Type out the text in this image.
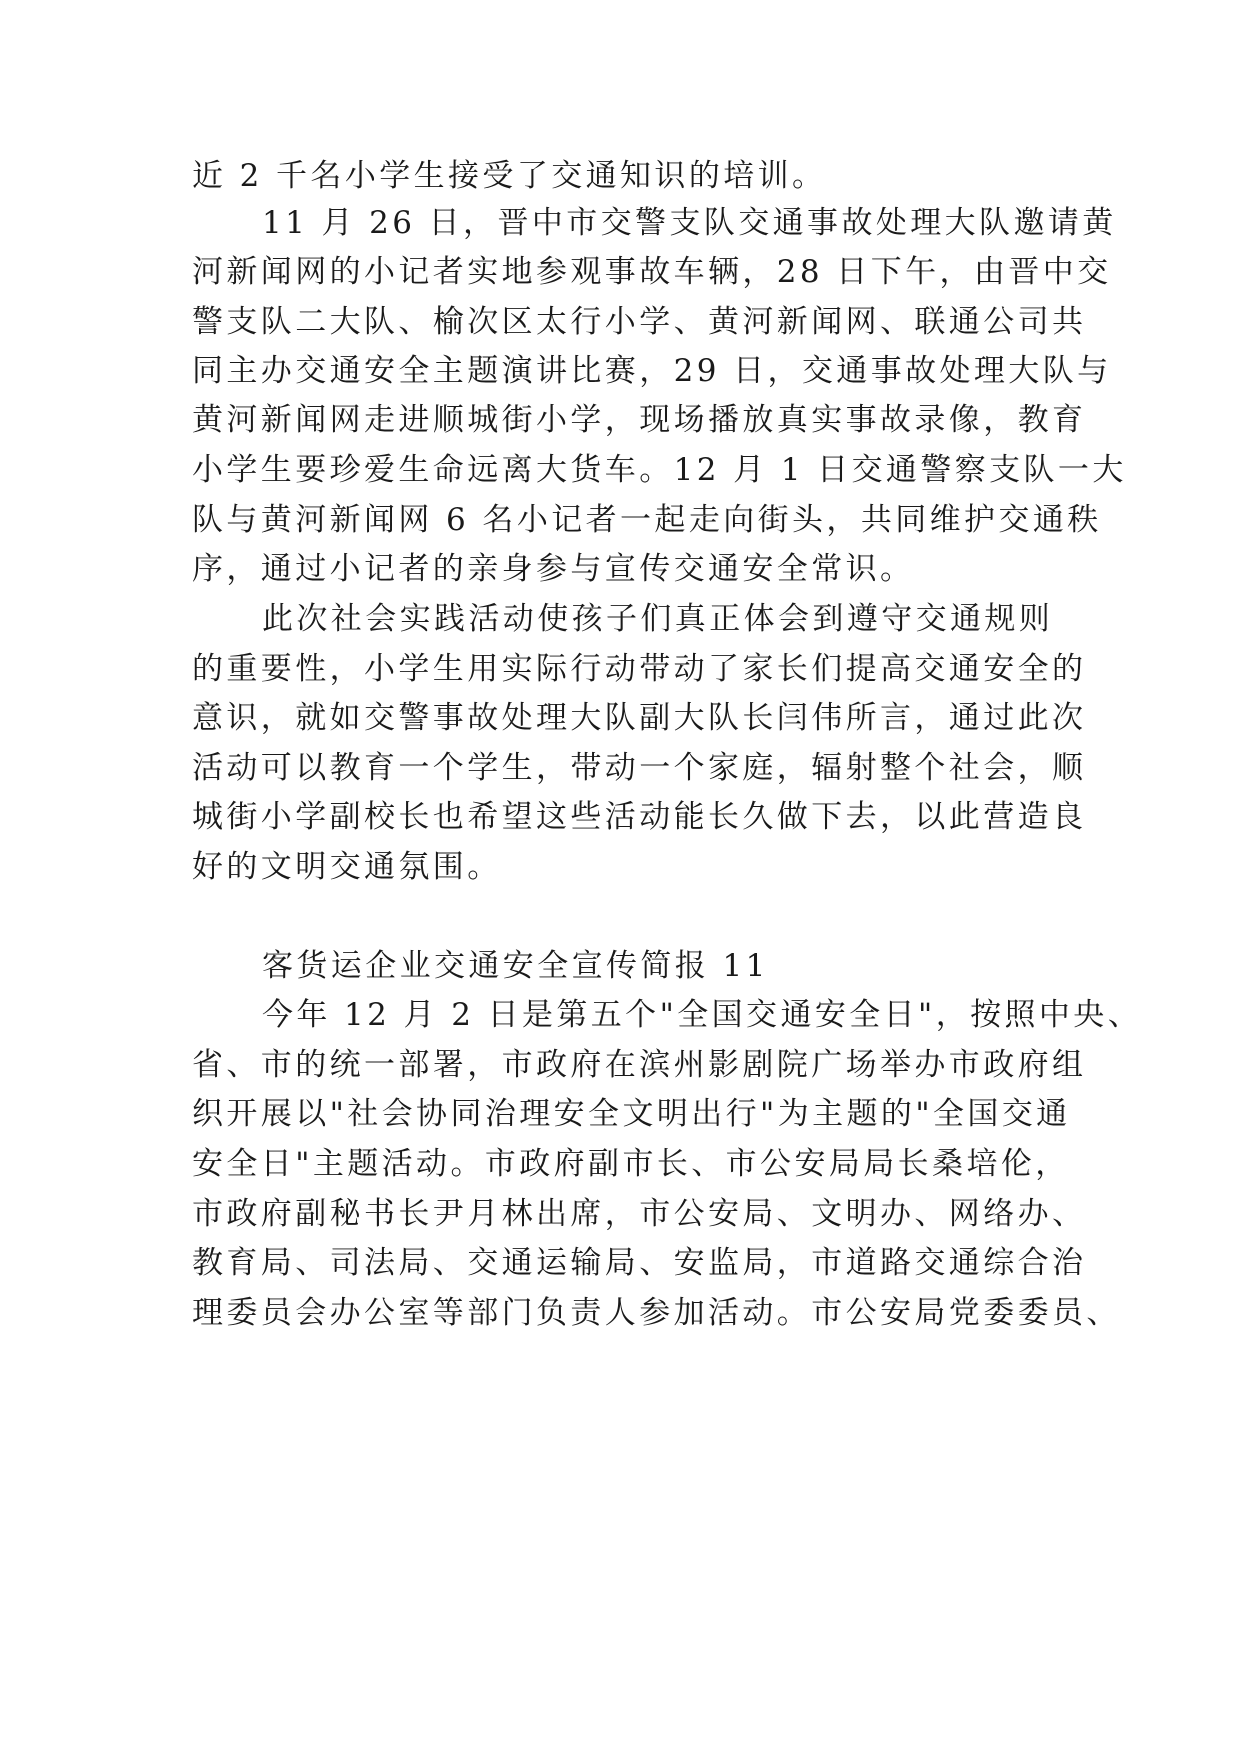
近 2 千名小学生接受了交通知识的培训。
11 月 26 日，晋中市交警支队交通事故处理大队邀请黄
河新闻网的小记者实地参观事故车辆，28 日下午，由晋中交
警支队二大队、榆次区太行小学、黄河新闻网、联通公司共
同主办交通安全主题演讲比赛，29 日，交通事故处理大队与
黄河新闻网走进顺城街小学，现场播放真实事故录像，教育
小学生要珍爱生命远离大货车。12 月 1 日交通警察支队一大
队与黄河新闻网 6 名小记者一起走向街头，共同维护交通秩
序，通过小记者的亲身参与宣传交通安全常识。
此次社会实践活动使孩子们真正体会到遵守交通规则
的重要性，小学生用实际行动带动了家长们提高交通安全的
意识，就如交警事故处理大队副大队长闫伟所言，通过此次
活动可以教育一个学生，带动一个家庭，辐射整个社会，顺
城街小学副校长也希望这些活动能长久做下去，以此营造良
好的文明交通氛围。
客货运企业交通安全宣传简报 11
今年 12 月 2 日是第五个"全国交通安全日"，按照中央、
省、市的统一部署，市政府在滨州影剧院广场举办市政府组
织开展以"社会协同治理安全文明出行"为主题的"全国交通
安全日"主题活动。市政府副市长、市公安局局长桑培伦，
市政府副秘书长尹月林出席，市公安局、文明办、网络办、
教育局、司法局、交通运输局、安监局，市道路交通综合治
理委员会办公室等部门负责人参加活动。市公安局党委委员、
